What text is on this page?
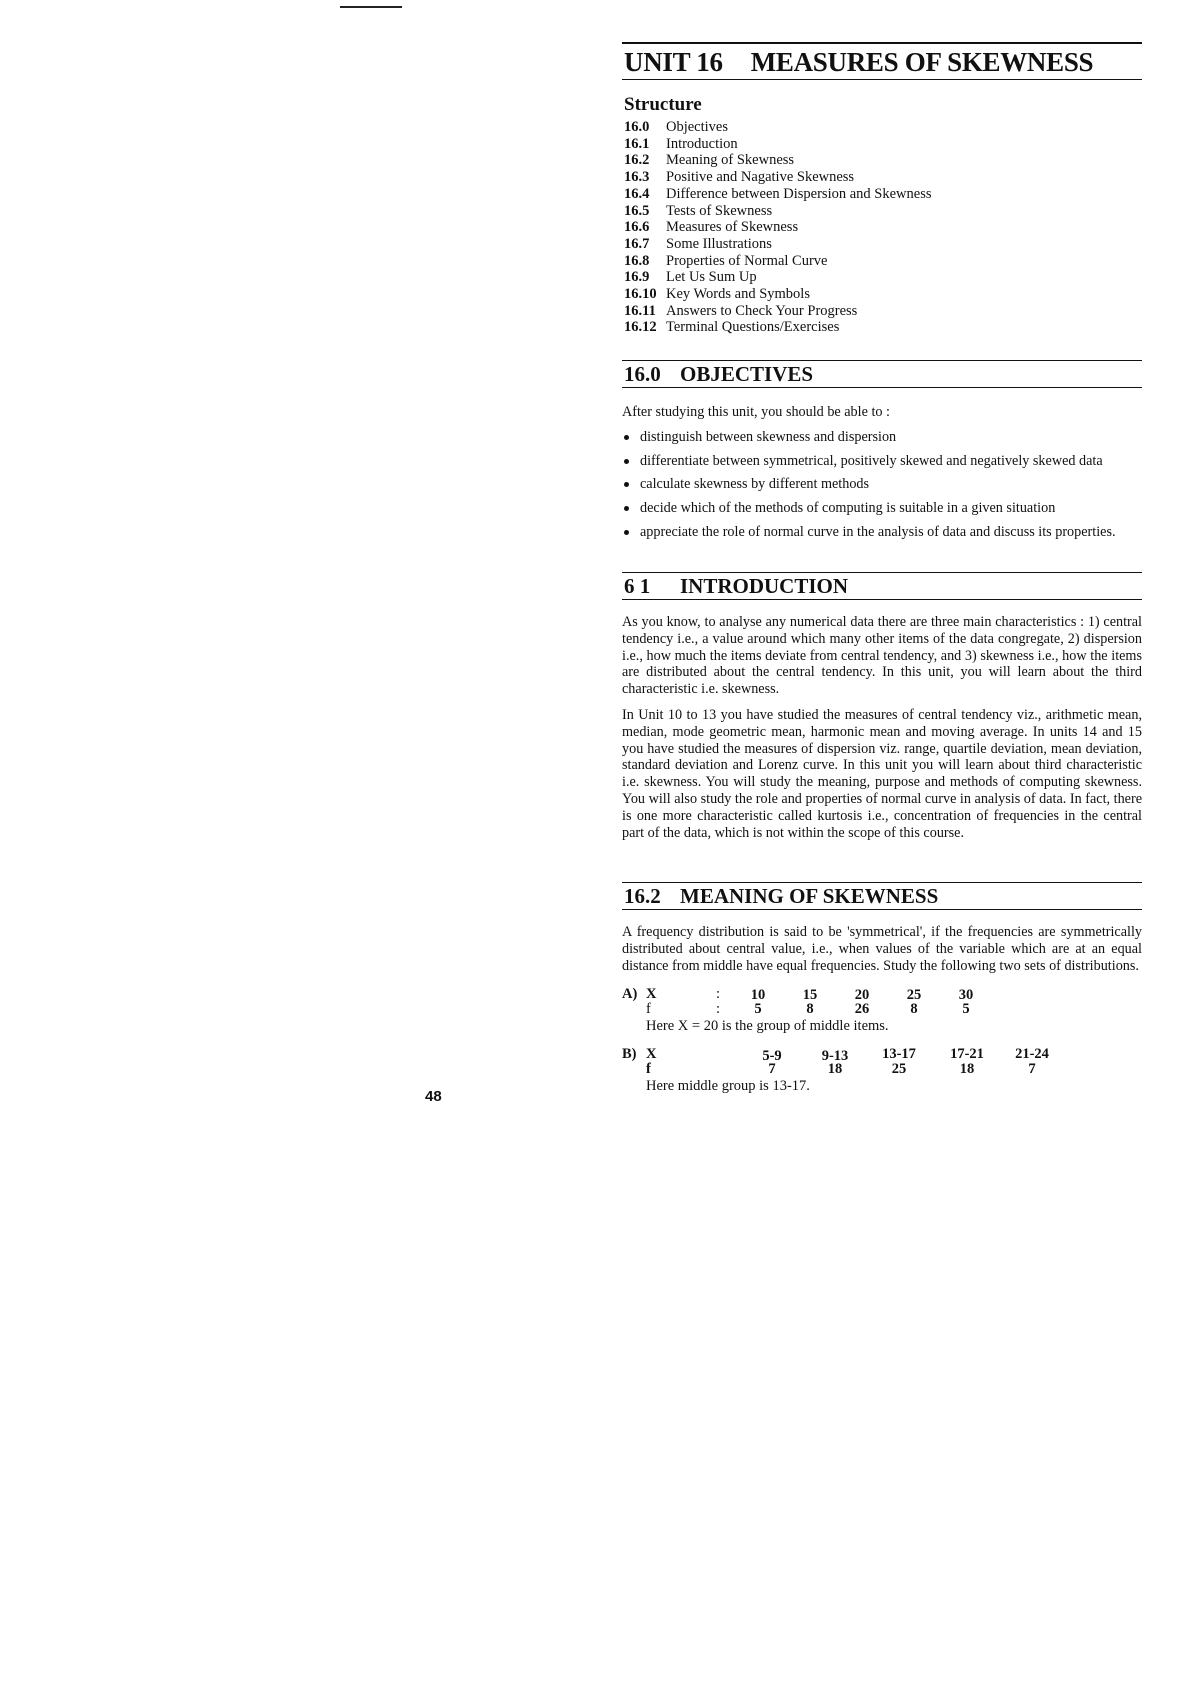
UNIT 16 MEASURES OF SKEWNESS
Structure
16.0 Objectives
16.1 Introduction
16.2 Meaning of Skewness
16.3 Positive and Nagative Skewness
16.4 Difference between Dispersion and Skewness
16.5 Tests of Skewness
16.6 Measures of Skewness
16.7 Some Illustrations
16.8 Properties of Normal Curve
16.9 Let Us Sum Up
16.10 Key Words and Symbols
16.11 Answers to Check Your Progress
16.12 Terminal Questions/Exercises
16.0 OBJECTIVES

After studying this unit, you should be able to :

distinguish between skewness and dispersion
differentiate between symmetrical, positively skewed and negatively skewed data
calculate skewness by different methods
decide which of the methods of computing is suitable in a given situation
appreciate the role of normal curve in the analysis of data and discuss its properties.
6 1 INTRODUCTION

As you know, to analyse any numerical data there are three main characteristics : 1) central tendency i.e., a value around which many other items of the data congregate, 2) dispersion i.e., how much the items deviate from central tendency, and 3) skewness i.e., how the items are distributed about the central tendency. In this unit, you will learn about the third characteristic i.e. skewness.

In Unit 10 to 13 you have studied the measures of central tendency viz., arithmetic mean, median, mode geometric mean, harmonic mean and moving average. In units 14 and 15 you have studied the measures of dispersion viz. range, quartile deviation, mean deviation, standard deviation and Lorenz curve. In this unit you will learn about third characteristic i.e. skewness. You will study the meaning, purpose and methods of computing skewness. You will also study the role and properties of normal curve in analysis of data. In fact, there is one more characteristic called kurtosis i.e., concentration of frequencies in the central part of the data, which is not within the scope of this course.

16.2 MEANING OF SKEWNESS

A frequency distribution is said to be 'symmetrical', if the frequencies are symmetrically distributed about central value, i.e., when values of the variable which are at an equal distance from middle have equal frequencies. Study the following two sets of distributions.

A) X	:	10	15	20	25	30
f	:	5	8	26	8	5
Here X = 20 is the group of middle items.
B) X	5-9	9-13	13-17	17-21	21-24
f	7	18	25	18	7
Here middle group is 13-17.
48
